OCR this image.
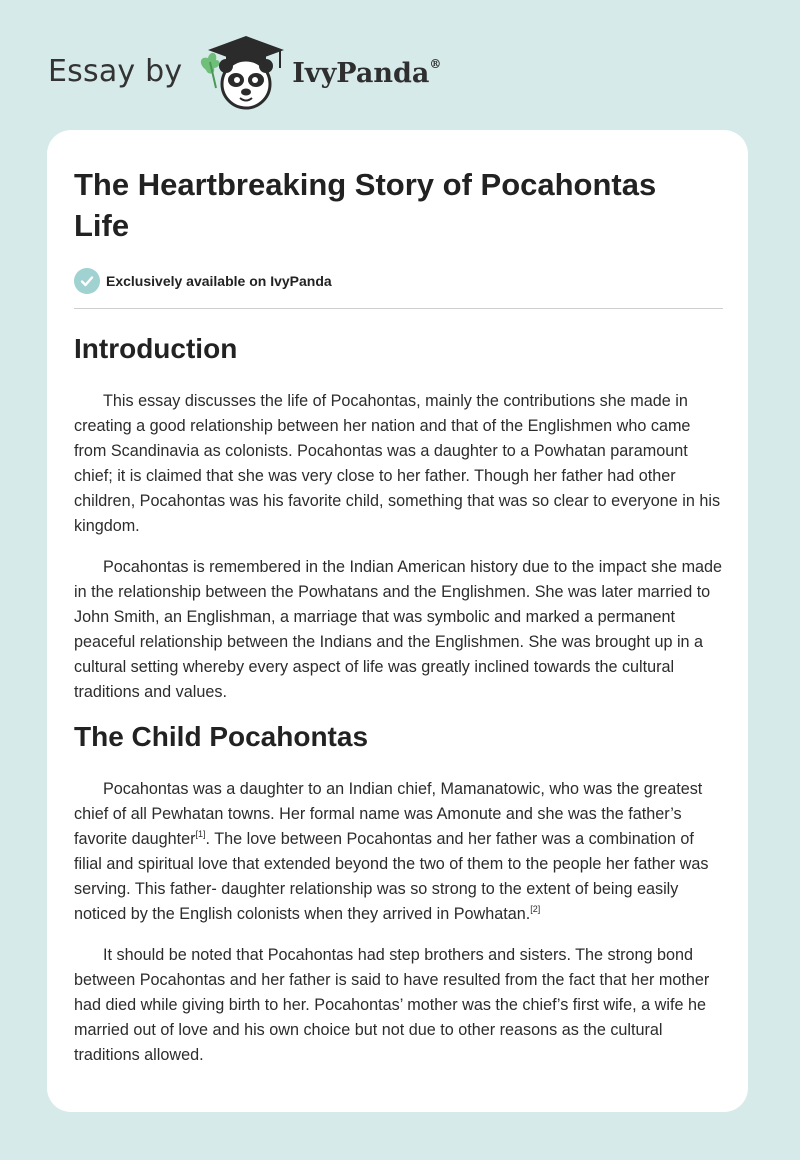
Essay by	IvyPanda®
The Heartbreaking Story of Pocahontas Life
Exclusively available on IvyPanda
Introduction

This essay discusses the life of Pocahontas, mainly the contributions she made in creating a good relationship between her nation and that of the Englishmen who came from Scandinavia as colonists. Pocahontas was a daughter to a Powhatan paramount chief; it is claimed that she was very close to her father. Though her father had other children, Pocahontas was his favorite child, something that was so clear to everyone in his kingdom.

Pocahontas is remembered in the Indian American history due to the impact she made in the relationship between the Powhatans and the Englishmen. She was later married to John Smith, an Englishman, a marriage that was symbolic and marked a permanent peaceful relationship between the Indians and the Englishmen. She was brought up in a cultural setting whereby every aspect of life was greatly inclined towards the cultural traditions and values.

The Child Pocahontas

Pocahontas was a daughter to an Indian chief, Mamanatowic, who was the greatest chief of all Pewhatan towns. Her formal name was Amonute and she was the father’s favorite daughter[1]. The love between Pocahontas and her father was a combination of filial and spiritual love that extended beyond the two of them to the people her father was serving. This father- daughter relationship was so strong to the extent of being easily noticed by the English colonists when they arrived in Powhatan.[2]

It should be noted that Pocahontas had step brothers and sisters. The strong bond between Pocahontas and her father is said to have resulted from the fact that her mother had died while giving birth to her. Pocahontas’ mother was the chief’s first wife, a wife he married out of love and his own choice but not due to other reasons as the cultural traditions allowed.
